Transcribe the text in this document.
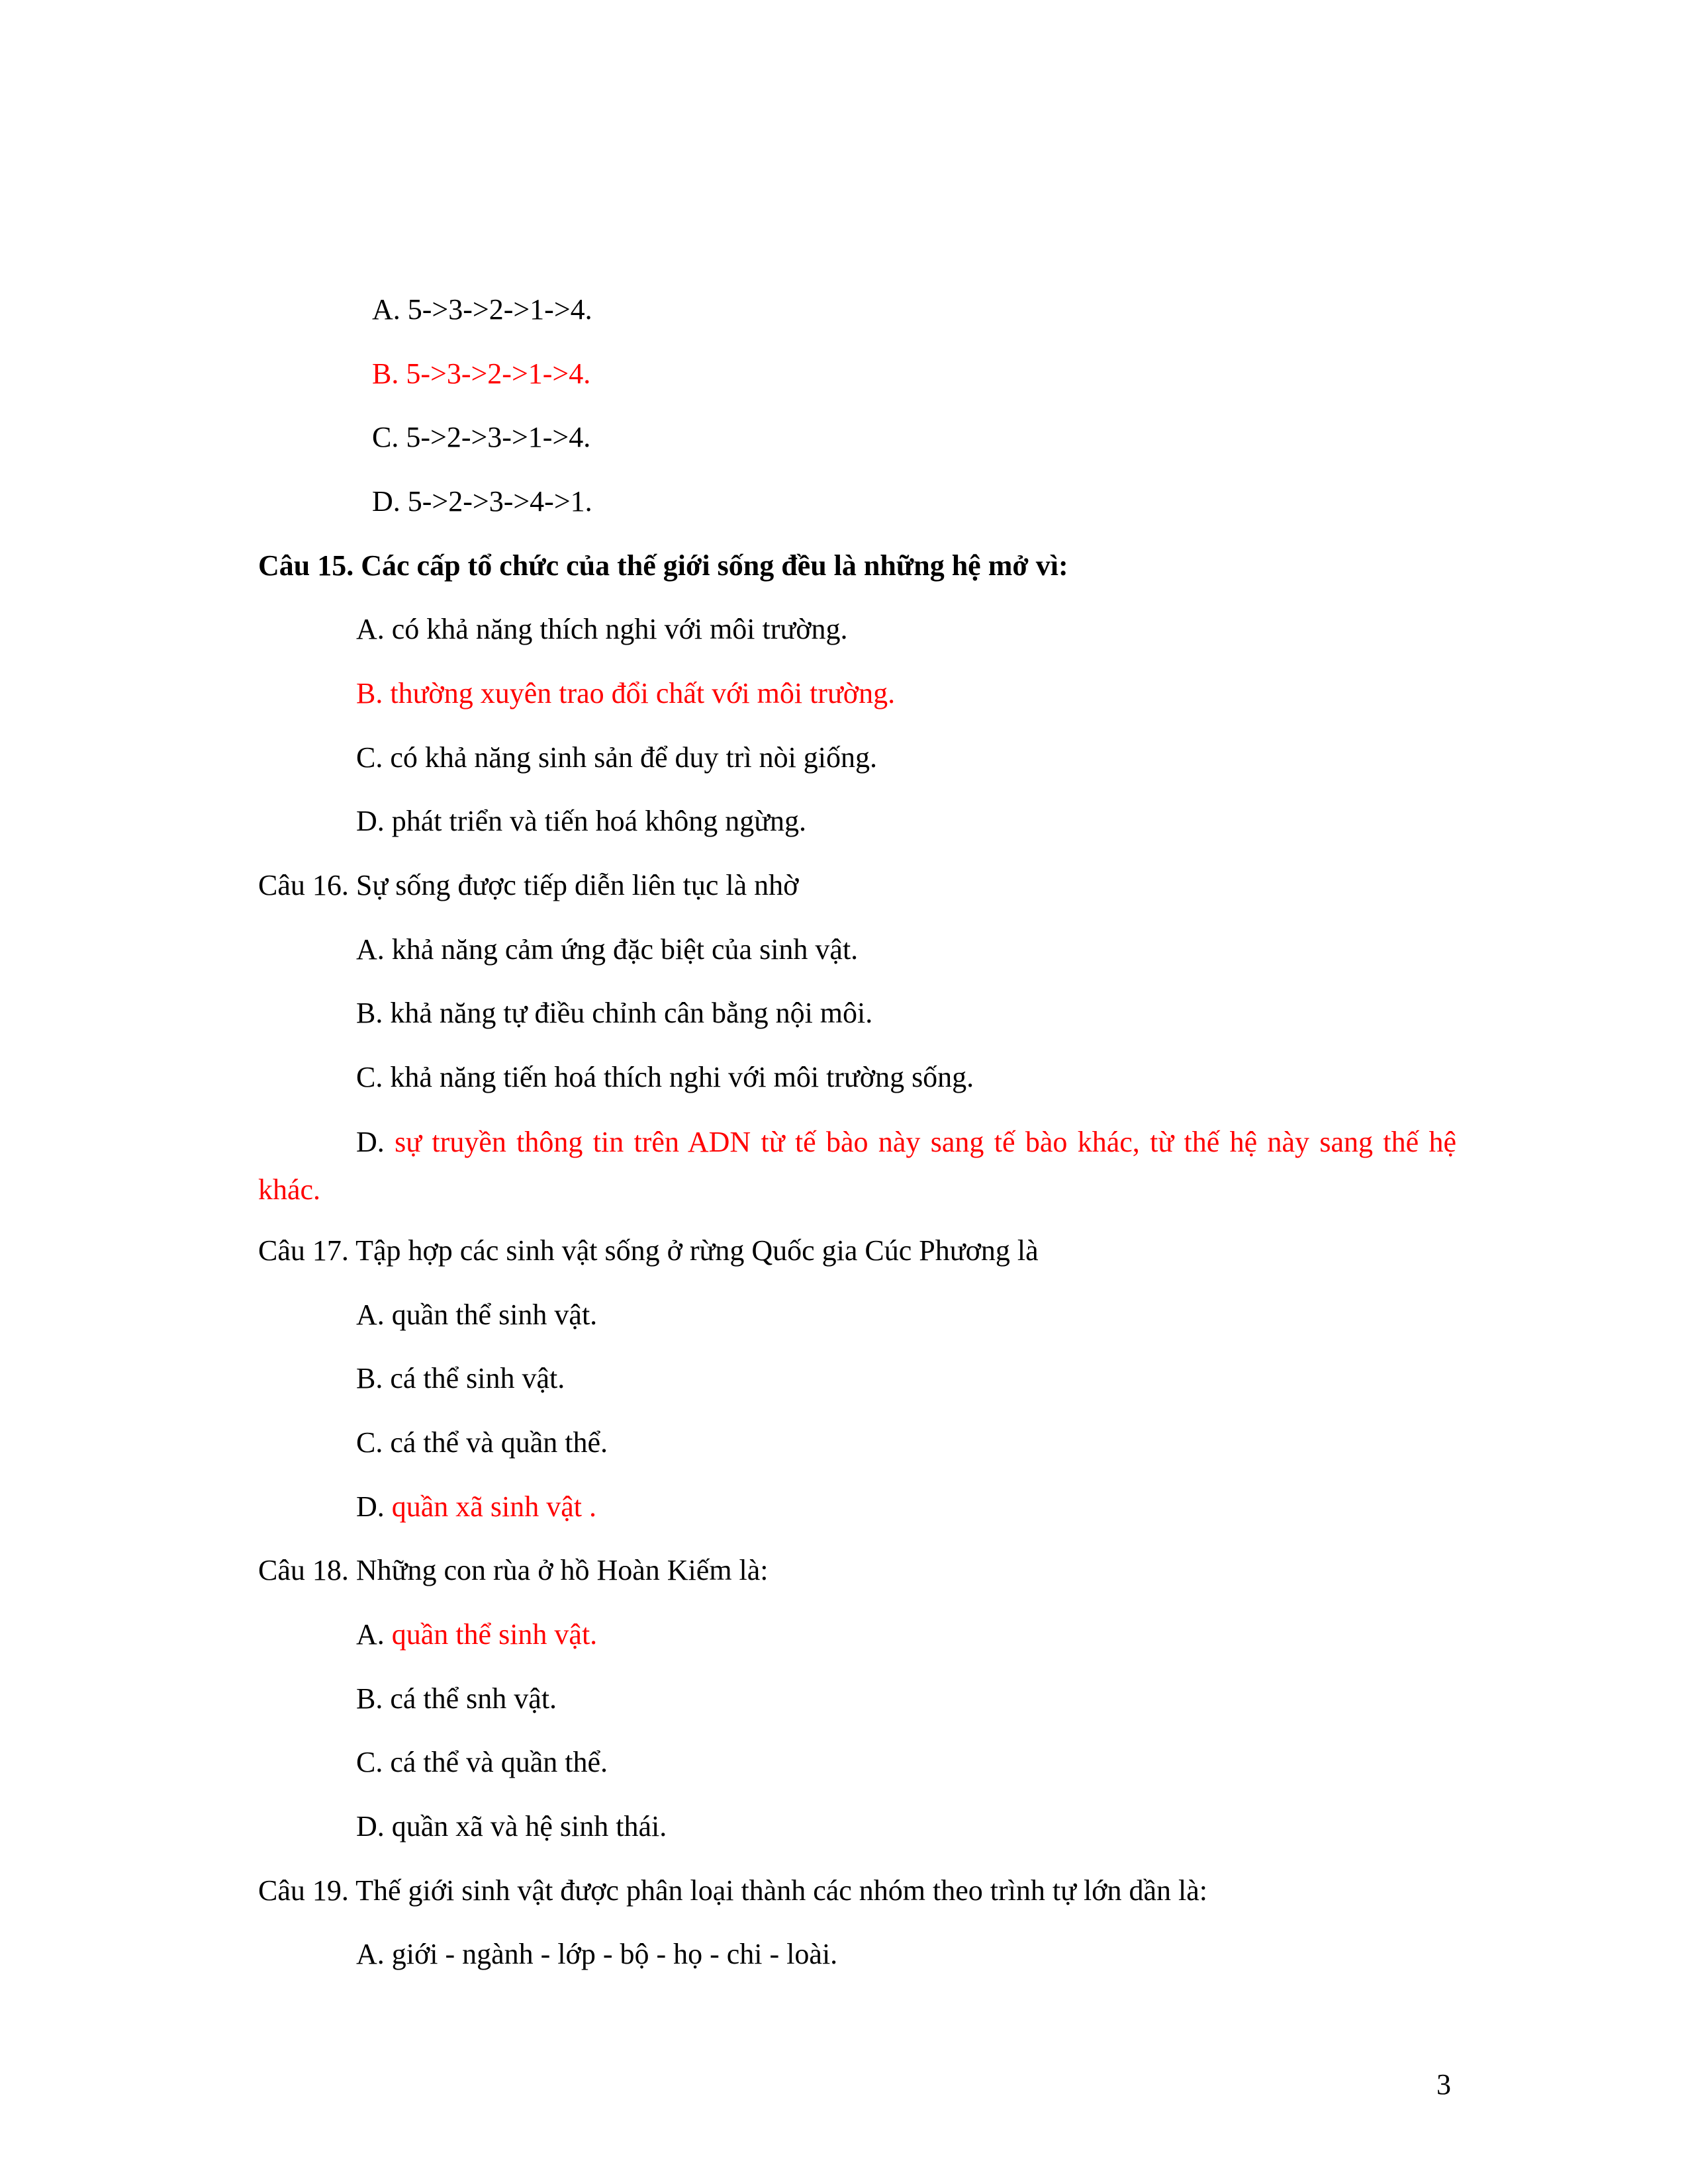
A. 5->3->2->1->4.
B. 5->3->2->1->4.
C. 5->2->3->1->4.
D. 5->2->3->4->1.
Câu 15. Các cấp tổ chức của thế giới sống đều là những hệ mở vì:
A. có khả năng thích nghi với môi trường.
B. thường xuyên trao đổi chất với môi trường.
C. có khả năng sinh sản để duy trì nòi giống.
D. phát triển và tiến hoá không ngừng.
Câu 16. Sự sống được tiếp diễn liên tục là nhờ
A. khả năng cảm ứng đặc biệt của sinh vật.
B. khả năng tự điều chỉnh cân bằng nội môi.
C. khả năng tiến hoá thích nghi với môi trường sống.
D. sự truyền thông tin trên ADN từ tế bào này sang tế bào khác, từ thế hệ này sang thế hệ khác.
Câu 17. Tập hợp các sinh vật sống ở rừng Quốc gia Cúc Phương là
A. quần thể sinh vật.
B. cá thể sinh vật.
C. cá thể và quần thể.
D. quần xã sinh vật .
Câu 18. Những con rùa ở hồ Hoàn Kiếm là:
A. quần thể sinh vật.
B. cá thể snh vật.
C. cá thể và quần thể.
D. quần xã và hệ sinh thái.
Câu 19. Thế giới sinh vật được phân loại thành các nhóm theo trình tự lớn dần là:
A. giới - ngành - lớp - bộ - họ - chi - loài.
3
